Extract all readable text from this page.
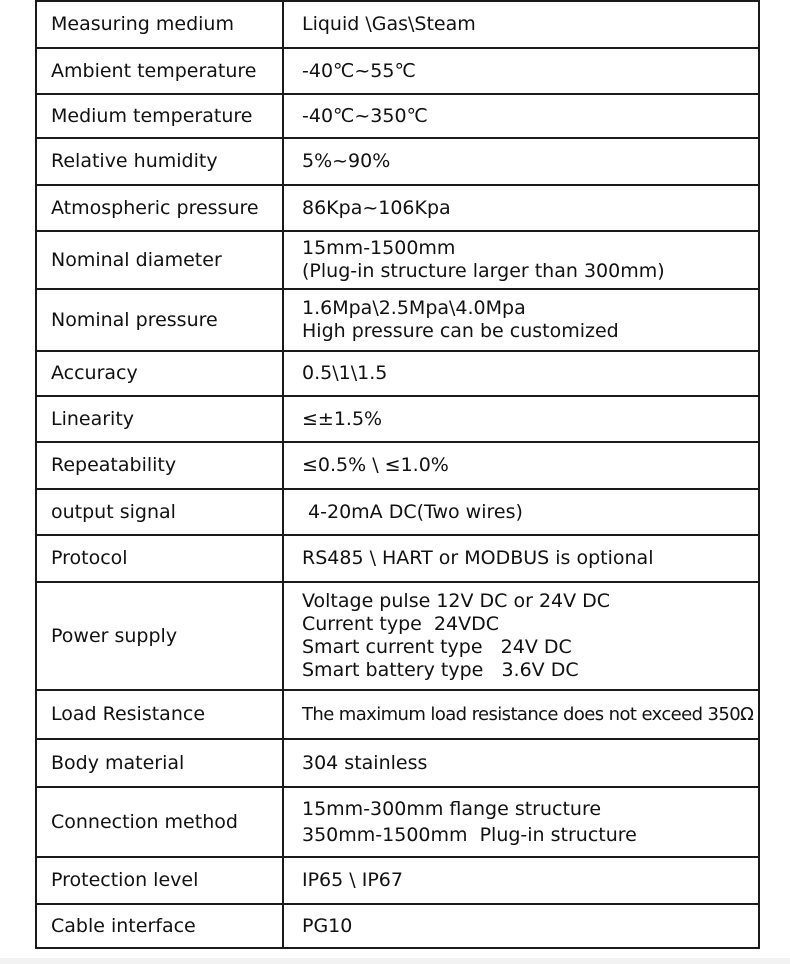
Measuring medium	Liquid \Gas\Steam

Ambient temperature	-40℃~55℃

Medium temperature	-40℃~350℃

Relative humidity	5%~90%

Atmospheric pressure	86Kpa~106Kpa

Nominal diameter	15mm-1500mm
(Plug-in structure larger than 300mm)

Nominal pressure	1.6Mpa\2.5Mpa\4.0Mpa
High pressure can be customized

Accuracy	0.5\1\1.5

Linearity	≤±1.5%

Repeatability	≤0.5% \ ≤1.0%

output signal	4-20mA DC(Two wires)

Protocol	RS485 \ HART or MODBUS is optional

Power supply	Voltage pulse 12V DC or 24V DC
Current type  24VDC
Smart current type   24V DC
Smart battery type   3.6V DC

Load Resistance	The maximum load resistance does not exceed 350Ω

Body material	304 stainless

Connection method	15mm-300mm flange structure
350mm-1500mm  Plug-in structure

Protection level	IP65 \ IP67

Cable interface	PG10
